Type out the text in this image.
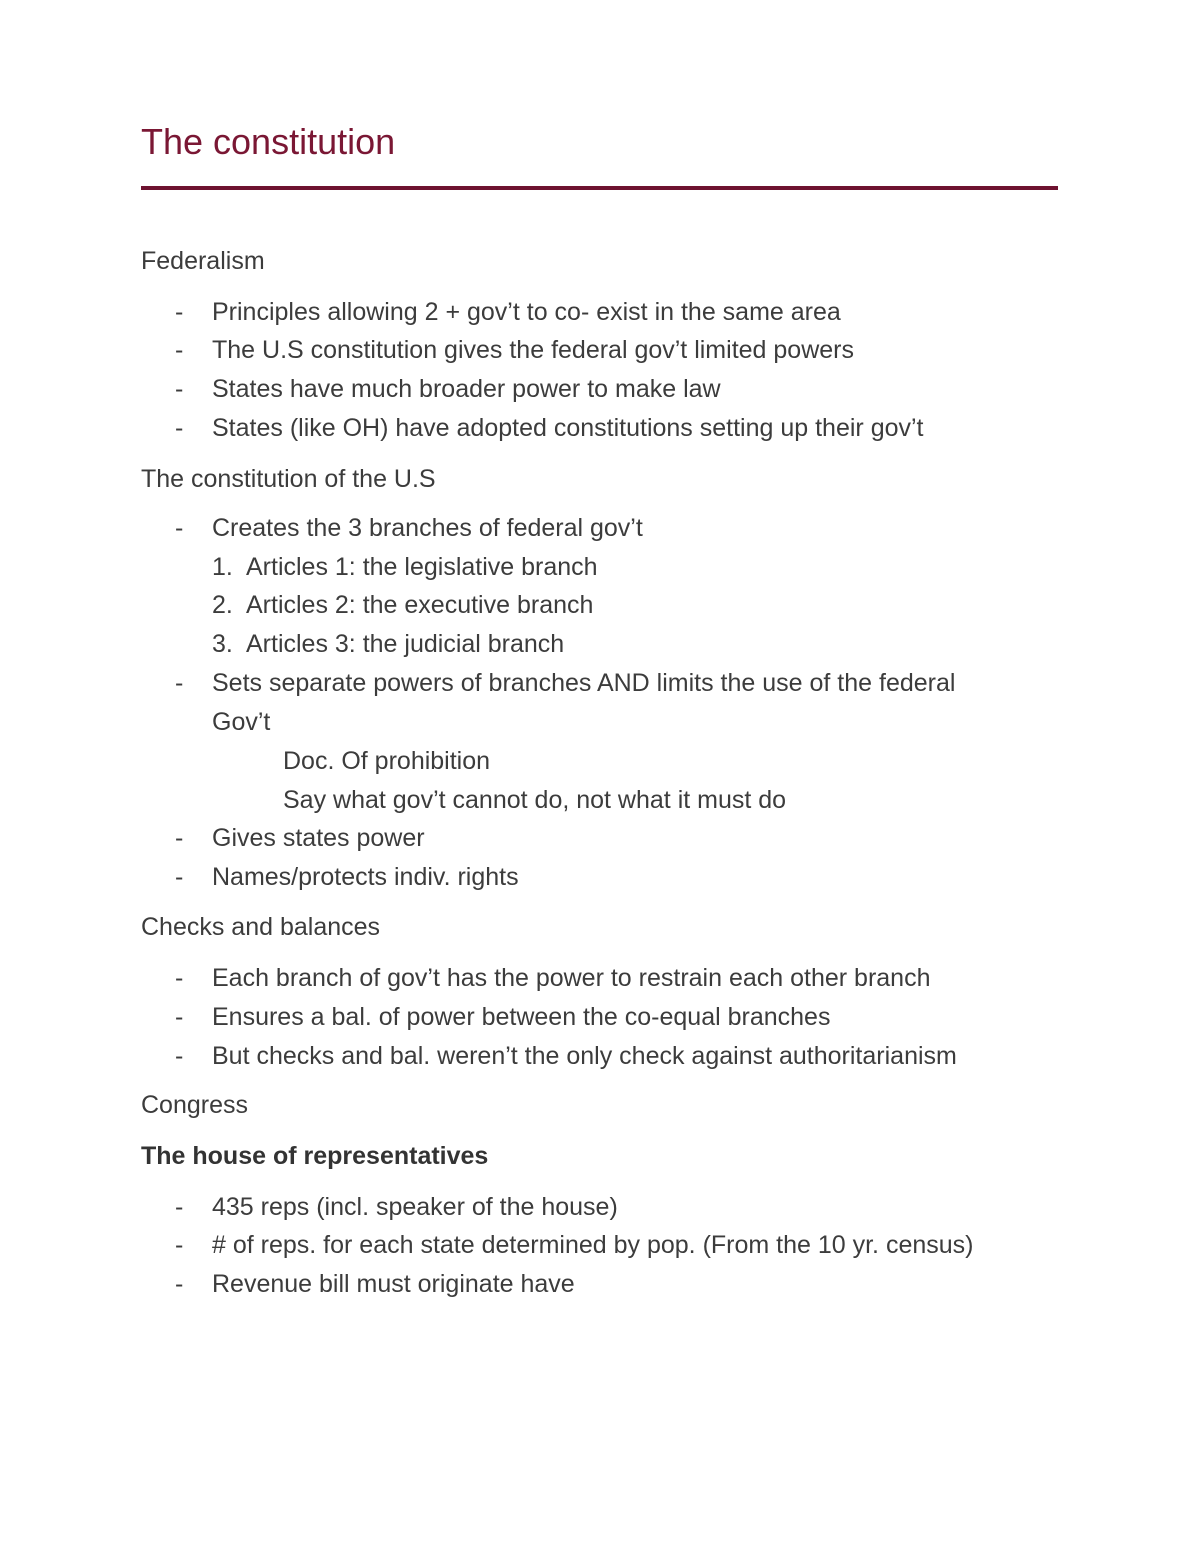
The constitution
Federalism
-	Principles allowing 2 + gov’t to co- exist in the same area
-	The U.S constitution gives the federal gov’t limited powers
-	States have much broader power to make law
-	States (like OH) have adopted constitutions setting up their gov’t
The constitution of the U.S
-	Creates the 3 branches of federal gov’t
1. Articles 1: the legislative branch
2. Articles 2: the executive branch
3. Articles 3: the judicial branch
-	Sets separate powers of branches AND limits the use of the federal
Gov’t
Doc. Of prohibition
Say what gov’t cannot do, not what it must do
-	Gives states power
-	Names/protects indiv. rights
Checks and balances
-	Each branch of gov’t has the power to restrain each other branch
-	Ensures a bal. of power between the co-equal branches
-	But checks and bal. weren’t the only check against authoritarianism
Congress
The house of representatives
-	435 reps (incl. speaker of the house)
-	# of reps. for each state determined by pop. (From the 10 yr. census)
-	Revenue bill must originate have
